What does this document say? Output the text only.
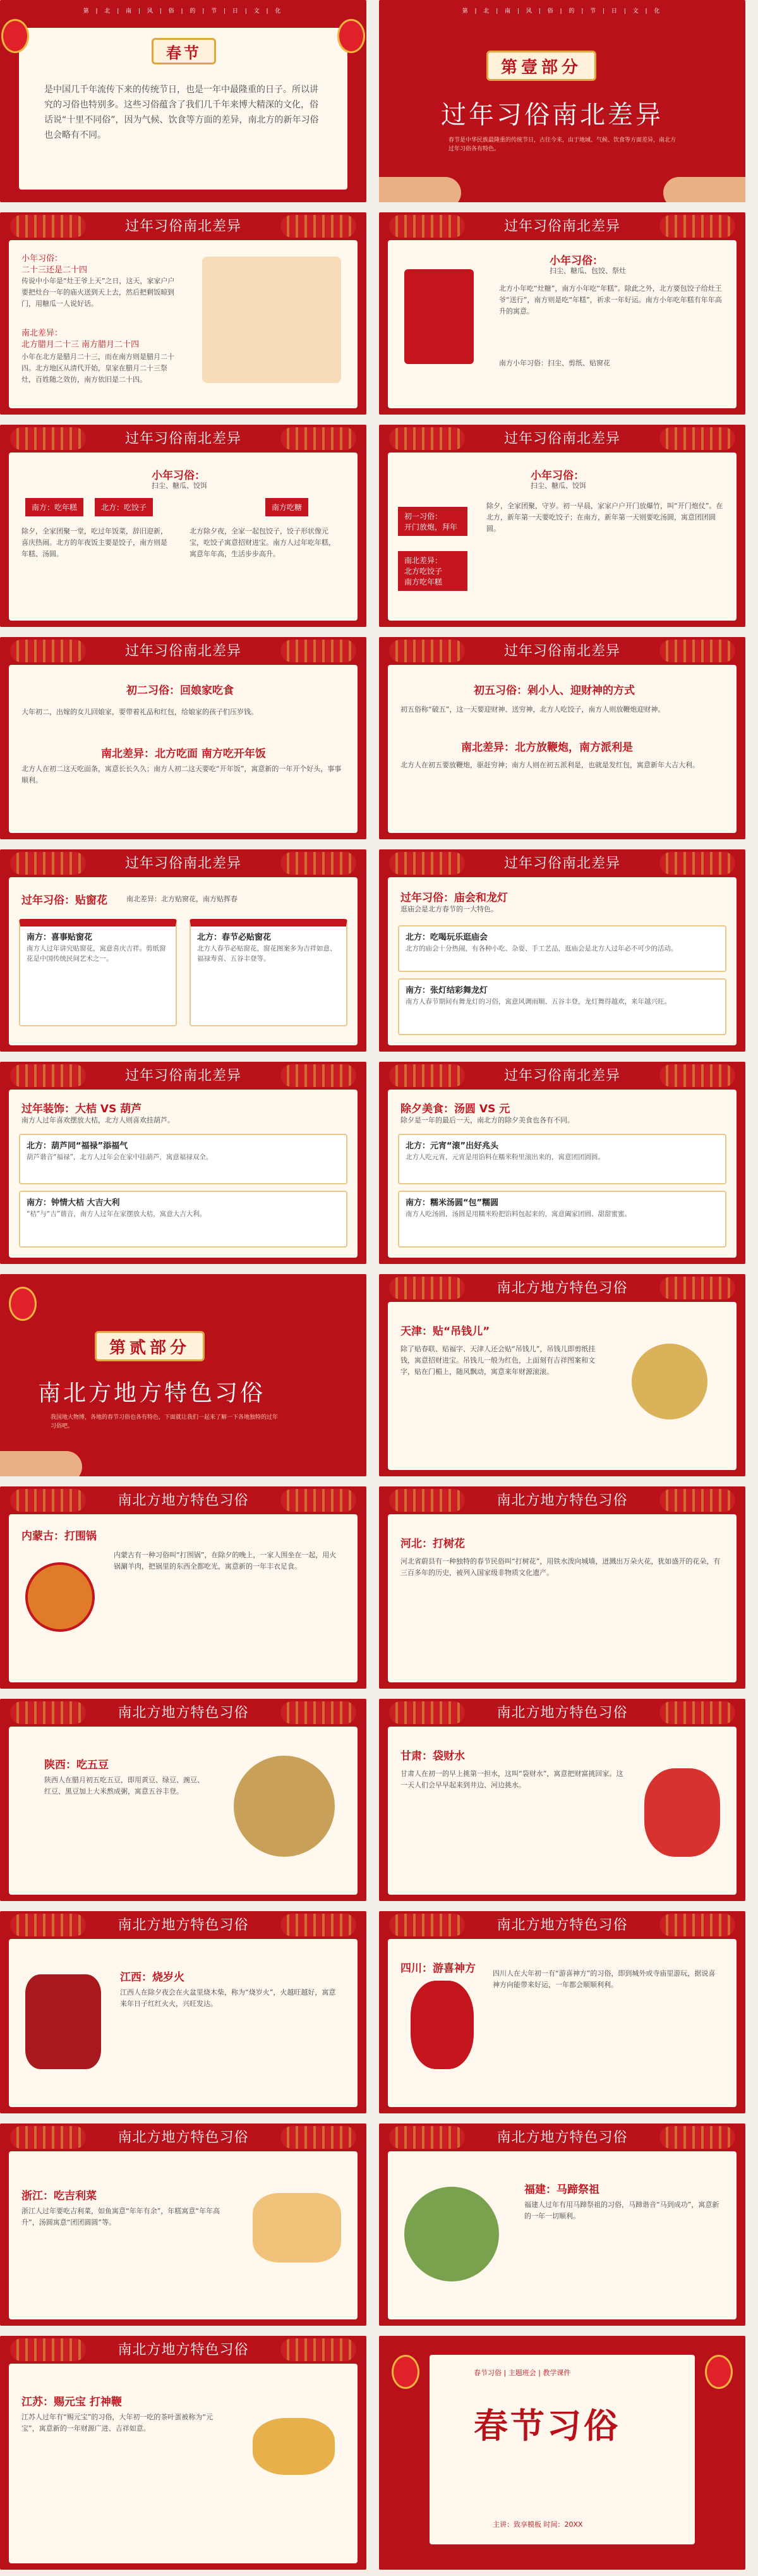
第 | 北 | 南 | 风 | 俗 | 的 | 节 | 日 | 文 | 化
春节
是中国几千年流传下来的传统节日，也是一年中最隆重的日子。所以讲究的习俗也特别多。这些习俗蕴含了我们几千年来博大精深的文化，俗话说“十里不同俗”，因为气候、饮食等方面的差异，南北方的新年习俗也会略有不同。
第 | 北 | 南 | 风 | 俗 | 的 | 节 | 日 | 文 | 化
第壹部分
过年习俗南北差异
春节是中华民族最隆重的传统节日，古往今来，由于地域、气候、饮食等方面差异，南北方过年习俗各有特色。
过年习俗南北差异
小年习俗：
二十三还是二十四
传说中小年是“灶王爷上天”之日，这天，家家户户要把灶台一年的庙火送到天上去，然后把剩饭晾到门，用糖瓜一人说好话。
南北差异：
北方腊月二十三 南方腊月二十四
小年在北方是腊月二十三，而在南方则是腊月二十四。北方地区从清代开始，皇家在腊月二十三祭灶，百姓随之效仿，南方依旧是二十四。
过年习俗南北差异
小年习俗：
扫尘、糖瓜、包饺、祭灶
北方小年吃“灶糖”，南方小年吃“年糕”。除此之外，北方要包饺子给灶王爷“送行”，南方则是吃“年糕”，祈求一年好运。南方小年吃年糕有年年高升的寓意。
南方小年习俗：扫尘、剪纸、贴窗花
过年习俗南北差异
小年习俗：
扫尘、糖瓜、饺饵
南方：吃年糕	北方：吃饺子	南方吃糖
除夕，全家团聚一堂，吃过年饭菜，辞旧迎新，喜庆热闹。北方的年夜饭主要是饺子，南方则是年糕、汤圆。
北方除夕夜，全家一起包饺子，饺子形状像元宝，吃饺子寓意招财进宝。南方人过年吃年糕，寓意年年高，生活步步高升。
过年习俗南北差异
小年习俗：
扫尘、糖瓜、饺饵
初一习俗：
开门放炮，拜年
南北差异：
北方吃饺子
南方吃年糕
除夕，全家团聚，守岁。初一早晨，家家户户开门放爆竹，叫“开门炮仗”。在北方，新年第一天要吃饺子；在南方，新年第一天则要吃汤圆，寓意团团圆圆。
过年习俗南北差异
初二习俗：回娘家吃食
大年初二，出嫁的女儿回娘家，要带着礼品和红包，给娘家的孩子们压岁钱。
南北差异：北方吃面 南方吃开年饭
北方人在初二这天吃面条，寓意长长久久；南方人初二这天要吃“开年饭”，寓意新的一年开个好头，事事顺利。
过年习俗南北差异
初五习俗：剁小人、迎财神的方式
初五俗称“破五”，这一天要迎财神、送穷神，北方人吃饺子，南方人则放鞭炮迎财神。
南北差异：北方放鞭炮，南方派利是
北方人在初五要放鞭炮，驱赶穷神；南方人则在初五派利是，也就是发红包，寓意新年大吉大利。
过年习俗南北差异
过年习俗：贴窗花	南北差异：北方贴窗花，南方贴挥春
南方：喜事贴窗花
南方人过年讲究贴窗花，寓意喜庆吉祥。剪纸窗花是中国传统民间艺术之一。
北方：春节必贴窗花
北方人春节必贴窗花，窗花图案多为吉祥如意、福禄寿喜、五谷丰登等。
过年习俗南北差异
过年习俗：庙会和龙灯
逛庙会是北方春节的一大特色。
北方：吃喝玩乐逛庙会
北方的庙会十分热闹，有各种小吃、杂耍、手工艺品，逛庙会是北方人过年必不可少的活动。
南方：张灯结彩舞龙灯
南方人春节期间有舞龙灯的习俗，寓意风调雨顺、五谷丰登，龙灯舞得越欢，来年越兴旺。
过年习俗南北差异
过年装饰：大桔 VS 葫芦
南方人过年喜欢摆放大桔，北方人则喜欢挂葫芦。
北方：葫芦同“福禄”添福气
葫芦谐音“福禄”，北方人过年会在家中挂葫芦，寓意福禄双全。
南方：钟情大桔 大吉大利
“桔”与“吉”谐音，南方人过年在家摆放大桔，寓意大吉大利。
过年习俗南北差异
除夕美食：汤圆 VS 元
除夕是一年的最后一天，南北方的除夕美食也各有不同。
北方：元宵“滚”出好兆头
北方人吃元宵，元宵是用馅料在糯米粉里滚出来的，寓意团团圆圆。
南方：糯米汤圆“包”糯圆
南方人吃汤圆，汤圆是用糯米粉把馅料包起来的，寓意阖家团圆、甜甜蜜蜜。
第贰部分
南北方地方特色习俗
我国地大物博，各地的春节习俗也各有特色，下面就让我们一起来了解一下各地独特的过年习俗吧。
南北方地方特色习俗
天津：贴“吊钱儿”
除了贴春联、贴福字、天津人还会贴“吊钱儿”，吊钱儿即剪纸挂钱，寓意招财进宝。吊钱儿一般为红色，上面刻有吉祥图案和文字，贴在门楣上，随风飘动，寓意来年财源滚滚。
南北方地方特色习俗
内蒙古：打围锅
内蒙古有一种习俗叫“打围锅”，在除夕的晚上，一家人围坐在一起，用火锅涮羊肉，把锅里的东西全都吃光，寓意新的一年丰衣足食。
南北方地方特色习俗
河北：打树花
河北省蔚县有一种独特的春节民俗叫“打树花”，用铁水泼向城墙，迸溅出万朵火花，犹如盛开的花朵，有三百多年的历史，被列入国家级非物质文化遗产。
南北方地方特色习俗
陕西：吃五豆
陕西人在腊月初五吃五豆，即用黄豆、绿豆、豌豆、红豆、黑豆加上大米熬成粥，寓意五谷丰登。
南北方地方特色习俗
甘肃：袋财水
甘肃人在初一的早上挑第一担水，这叫“袋财水”，寓意把财富挑回家。这一天人们会早早起来到井边、河边挑水。
南北方地方特色习俗
江西：烧岁火
江西人在除夕夜会在火盆里烧木柴，称为“烧岁火”，火越旺越好，寓意来年日子红红火火，兴旺发达。
南北方地方特色习俗
四川：游喜神方 四川人在大年初一有“游喜神方”的习俗，即到城外或寺庙里游玩，据说喜神方向能带来好运，一年都会顺顺利利。
南北方地方特色习俗
浙江：吃吉利菜
浙江人过年要吃吉利菜，如鱼寓意“年年有余”，年糕寓意“年年高升”，汤圆寓意“团团圆圆”等。
南北方地方特色习俗
福建：马蹄祭祖
福建人过年有用马蹄祭祖的习俗，马蹄谐音“马到成功”，寓意新的一年一切顺利。
南北方地方特色习俗
江苏：赐元宝 打神鞭
江苏人过年有“赐元宝”的习俗，大年初一吃的茶叶蛋被称为“元宝”，寓意新的一年财源广进、吉祥如意。
春节习俗 | 主题班会 | 教学课件
春节习俗
主讲：致享模板 时间：20XX
